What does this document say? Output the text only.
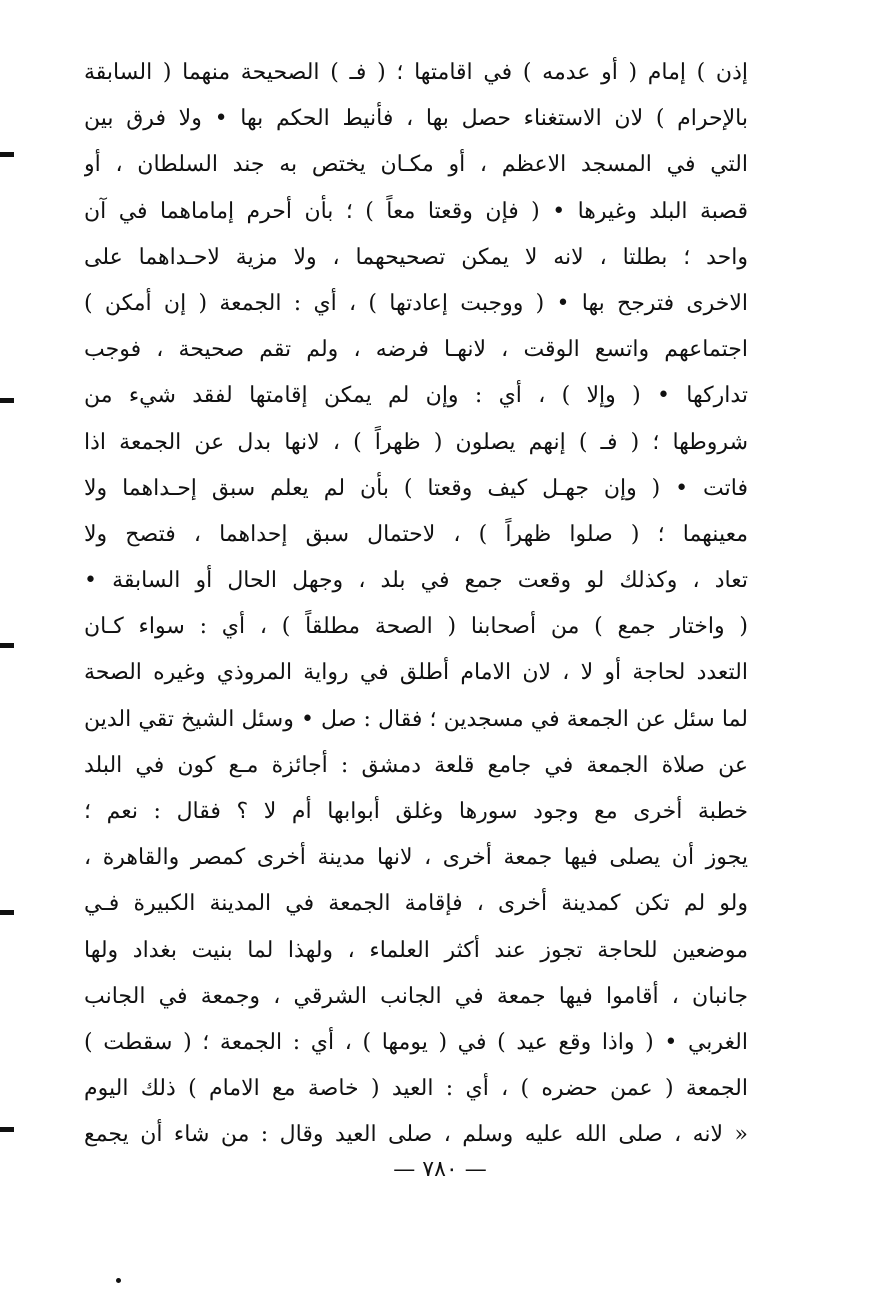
إذن ) إمام ( أو عدمه ) في اقامتها ؛ ( فـ ) الصحيحة منهما ( السابقة
بالإحرام ) لان الاستغناء حصل بها ، فأنيط الحكم بها • ولا فرق بين
التي في المسجد الاعظم ، أو مكـان يختص به جند السلطان ، أو
قصبة البلد وغيرها • ( فإن وقعتا معاً ) ؛ بأن أحرم إماماهما في آن
واحد ؛ بطلتا ، لانه لا يمكن تصحيحهما ، ولا مزية لاحـداهما على
الاخرى فترجح بها • ( ووجبت إعادتها ) ، أي : الجمعة ( إن أمكن )
اجتماعهم واتسع الوقت ، لانهـا فرضه ، ولم تقم صحيحة ، فوجب
تداركها • ( وإلا ) ، أي : وإن لم يمكن إقامتها لفقد شيء من
شروطها ؛ ( فـ ) إنهم يصلون ( ظهراً ) ، لانها بدل عن الجمعة اذا
فاتت • ( وإن جهـل كيف وقعتا ) بأن لم يعلم سبق إحـداهما ولا
معينهما ؛ ( صلوا ظهراً ) ، لاحتمال سبق إحداهما ، فتصح ولا
تعاد ، وكذلك لو وقعت جمع في بلد ، وجهل الحال أو السابقة •
( واختار جمع ) من أصحابنا ( الصحة مطلقاً ) ، أي : سواء كـان
التعدد لحاجة أو لا ، لان الامام أطلق في رواية المروذي وغيره الصحة
لما سئل عن الجمعة في مسجدين ؛ فقال : صل • وسئل الشيخ تقي الدين
عن صلاة الجمعة في جامع قلعة دمشق : أجائزة مـع كون في البلد
خطبة أخرى مع وجود سورها وغلق أبوابها أم لا ؟ فقال : نعم ؛
يجوز أن يصلى فيها جمعة أخرى ، لانها مدينة أخرى كمصر والقاهرة ،
ولو لم تكن كمدينة أخرى ، فإقامة الجمعة في المدينة الكبيرة فـي
موضعين للحاجة تجوز عند أكثر العلماء ، ولهذا لما بنيت بغداد ولها
جانبان ، أقاموا فيها جمعة في الجانب الشرقي ، وجمعة في الجانب
الغربي • ( واذا وقع عيد ) في ( يومها ) ، أي : الجمعة ؛ ( سقطت )
الجمعة ( عمن حضره ) ، أي : العيد ( خاصة مع الامام ) ذلك اليوم
« لانه ، صلى الله عليه وسلم ، صلى العيد وقال : من شاء أن يجمع
— ٧٨٠ —
